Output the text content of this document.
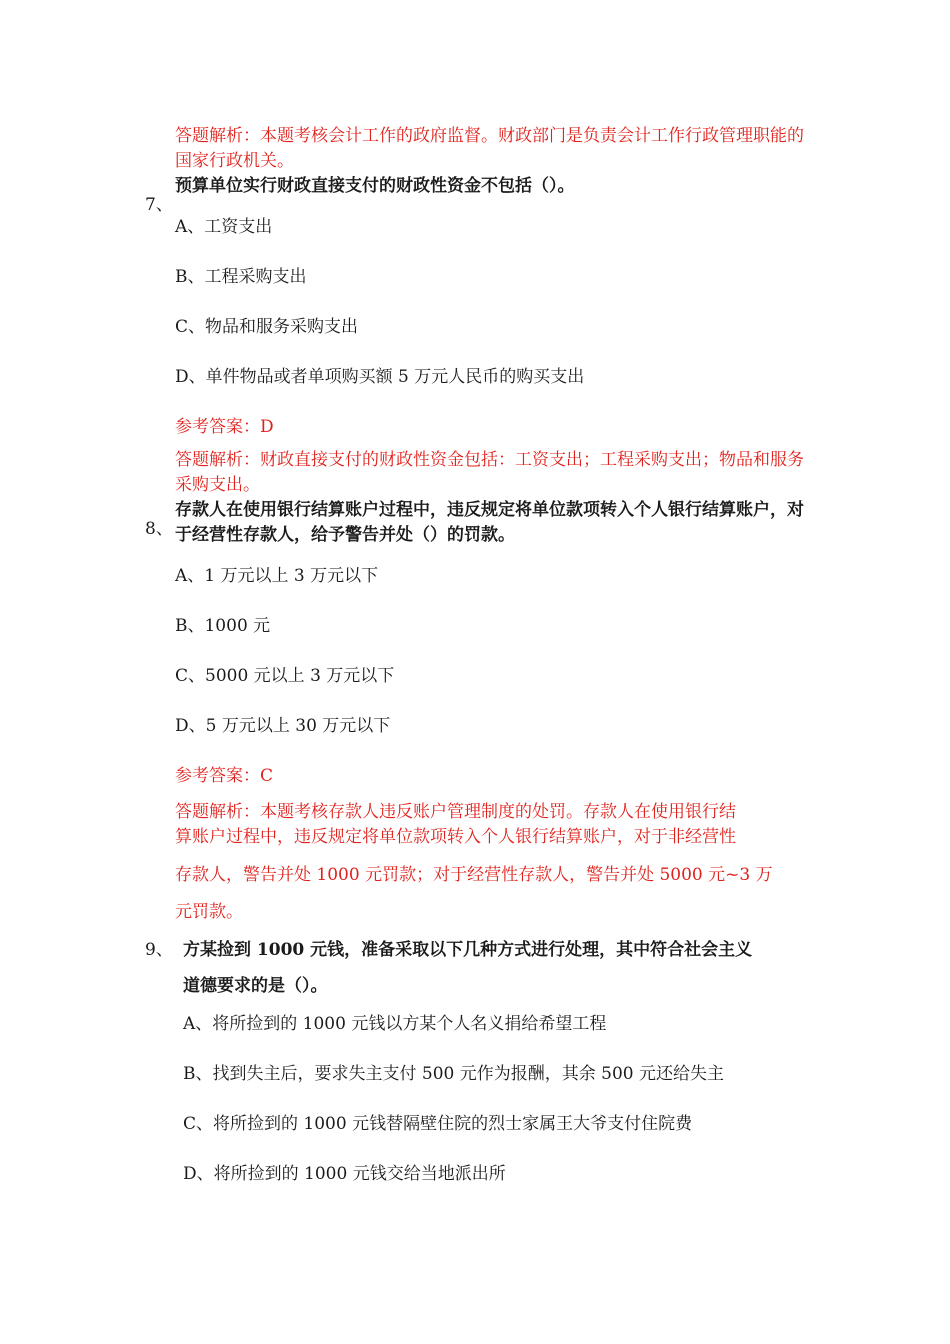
答题解析：本题考核会计工作的政府监督。财政部门是负责会计工作行政管理职能的国家行政机关。
7、
预算单位实行财政直接支付的财政性资金不包括（）。
A、工资支出
B、工程采购支出
C、物品和服务采购支出
D、单件物品或者单项购买额 5 万元人民币的购买支出
参考答案：D
答题解析：财政直接支付的财政性资金包括：工资支出；工程采购支出；物品和服务采购支出。
8、
存款人在使用银行结算账户过程中，违反规定将单位款项转入个人银行结算账户，对于经营性存款人，给予警告并处（）的罚款。
A、1 万元以上 3 万元以下
B、1000 元
C、5000 元以上 3 万元以下
D、5 万元以上 30 万元以下
参考答案：C
答题解析：本题考核存款人违反账户管理制度的处罚。存款人在使用银行结
算账户过程中，违反规定将单位款项转入个人银行结算账户，对于非经营性
存款人，警告并处 1000 元罚款；对于经营性存款人，警告并处 5000 元~3 万
元罚款。
9、 方某捡到 1000 元钱，准备采取以下几种方式进行处理，其中符合社会主义
道德要求的是（）。
A、将所捡到的 1000 元钱以方某个人名义捐给希望工程
B、找到失主后，要求失主支付 500 元作为报酬，其余 500 元还给失主
C、将所捡到的 1000 元钱替隔壁住院的烈士家属王大爷支付住院费
D、将所捡到的 1000 元钱交给当地派出所
